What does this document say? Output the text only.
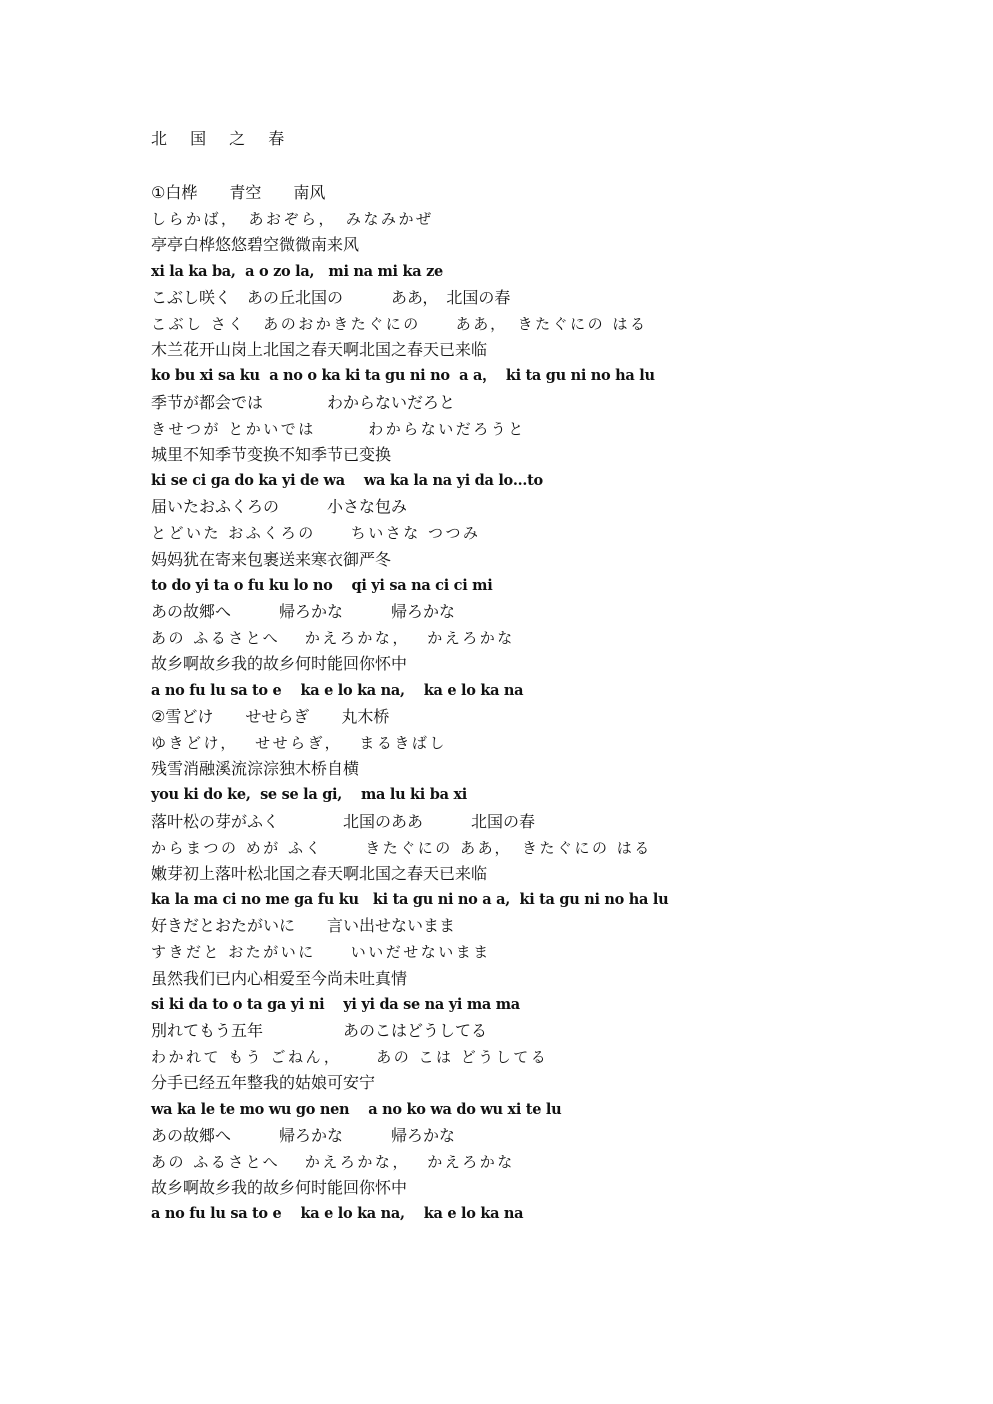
北 国 之 春
①白桦　　青空　　南风
しらかば，　あおぞら，　みなみかぜ
亭亭白桦悠悠碧空微微南来风
xi la ka ba,  a o zo la,   mi na mi ka ze
こぶし咲く　あの丘北国の　　　ああ，　北国の春
こぶし さく　あのおかきたぐにの　　ああ，　きたぐにの はる
木兰花开山岗上北国之春天啊北国之春天已来临
ko bu xi sa ku  a no o ka ki ta gu ni no  a a，  ki ta gu ni no ha lu
季节が都会では　　　　わからないだろと
きせつが とかいでは　　　わからないだろうと
城里不知季节变换不知季节已变换
ki se ci ga do ka yi de wa    wa ka la na yi da lo…to
届いたおふくろの　　　小さな包み
とどいた おふくろの　　ちいさな つつみ
妈妈犹在寄来包裹送来寒衣御严冬
to do yi ta o fu ku lo no    qi yi sa na ci ci mi
あの故郷へ　　　帰ろかな　　　帰ろかな
あの ふるさとへ　 かえろかな，　 かえろかな
故乡啊故乡我的故乡何时能回你怀中
a no fu lu sa to e    ka e lo ka na,    ka e lo ka na
②雪どけ　　せせらぎ　　丸木桥
ゆきどけ，　 せせらぎ，　 まるきばし
残雪消融溪流淙淙独木桥自横
you ki do ke,  se se la gi,    ma lu ki ba xi
落叶松の芽がふく　　　　北国のああ　　　北国の春
からまつの めが ふく　　 きたぐにの ああ，　きたぐにの はる
嫩芽初上落叶松北国之春天啊北国之春天已来临
ka la ma ci no me ga fu ku   ki ta gu ni no a a,  ki ta gu ni no ha lu
好きだとおたがいに　　言い出せないまま
すきだと おたがいに　　いいだせないまま
虽然我们已内心相爱至今尚未吐真情
si ki da to o ta ga yi ni    yi yi da se na yi ma ma
別れてもう五年　　　　　あのこはどうしてる
わかれて もう ごねん，　　 あの こは どうしてる
分手已经五年整我的姑娘可安宁
wa ka le te mo wu go nen    a no ko wa do wu xi te lu
あの故郷へ　　　帰ろかな　　　帰ろかな
あの ふるさとへ　 かえろかな，　 かえろかな
故乡啊故乡我的故乡何时能回你怀中
a no fu lu sa to e    ka e lo ka na,    ka e lo ka na
